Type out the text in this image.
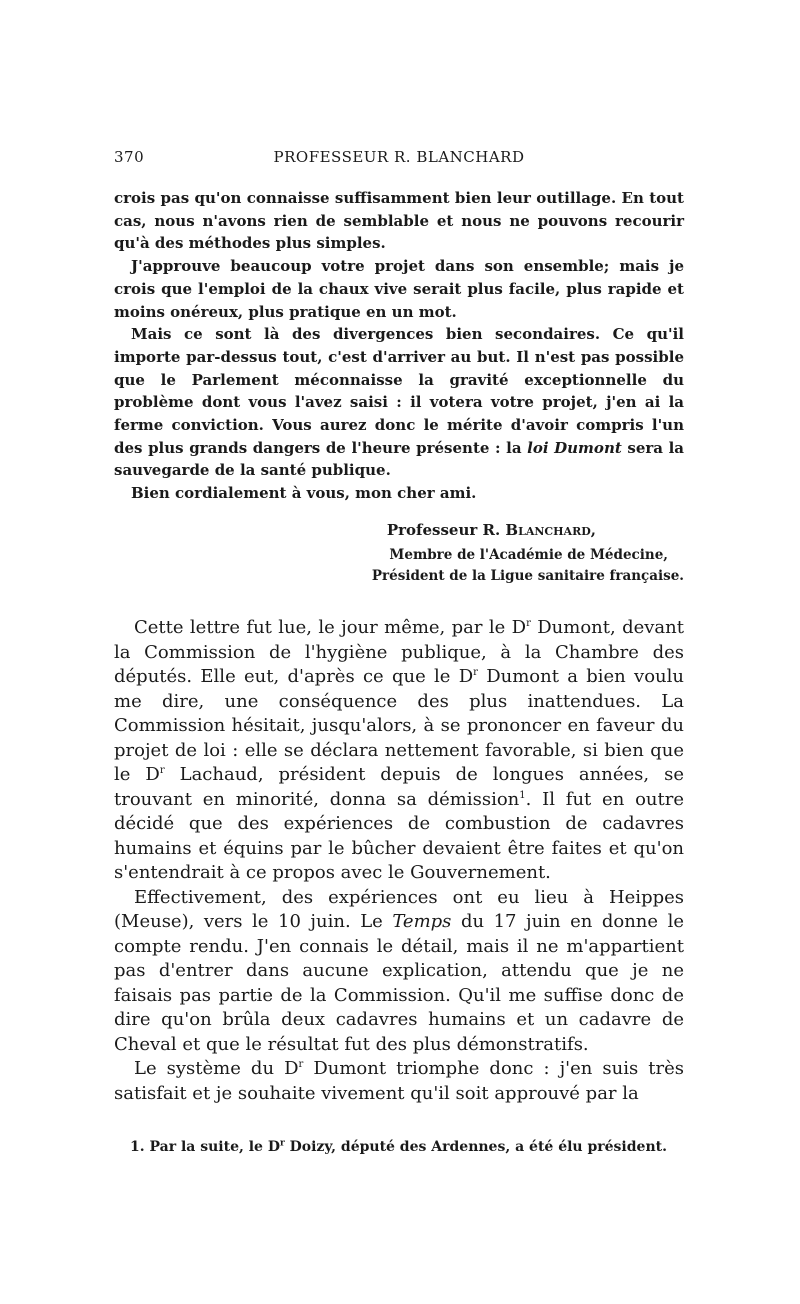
370	PROFESSEUR R. BLANCHARD

crois pas qu'on connaisse suffisamment bien leur outillage. En tout cas, nous n'avons rien de semblable et nous ne pouvons recourir qu'à des méthodes plus simples.

J'approuve beaucoup votre projet dans son ensemble; mais je crois que l'emploi de la chaux vive serait plus facile, plus rapide et moins onéreux, plus pratique en un mot.

Mais ce sont là des divergences bien secondaires. Ce qu'il importe par-dessus tout, c'est d'arriver au but. Il n'est pas possible que le Parlement méconnaisse la gravité exceptionnelle du problème dont vous l'avez saisi : il votera votre projet, j'en ai la ferme conviction. Vous aurez donc le mérite d'avoir compris l'un des plus grands dangers de l'heure présente : la loi Dumont sera la sauvegarde de la santé publique.

Bien cordialement à vous, mon cher ami.

Professeur R. Blanchard,
Membre de l'Académie de Médecine,
Président de la Ligue sanitaire française.

Cette lettre fut lue, le jour même, par le $D^r$ Dumont, devant la Commission de l'hygiène publique, à la Chambre des députés. Elle eut, d'après ce que le $D^r$ Dumont a bien voulu me dire, une conséquence des plus inattendues. La Commission hésitait, jusqu'alors, à se prononcer en faveur du projet de loi : elle se déclara nettement favorable, si bien que le $D^r$ Lachaud, président depuis de longues années, se trouvant en minorité, donna sa démission$^1$. Il fut en outre décidé que des expériences de combustion de cadavres humains et équins par le bûcher devaient être faites et qu'on s'entendrait à ce propos avec le Gouvernement.

Effectivement, des expériences ont eu lieu à Heippes (Meuse), vers le 10 juin. Le Temps du 17 juin en donne le compte rendu. J'en connais le détail, mais il ne m'appartient pas d'entrer dans aucune explication, attendu que je ne faisais pas partie de la Commission. Qu'il me suffise donc de dire qu'on brûla deux cadavres humains et un cadavre de Cheval et que le résultat fut des plus démonstratifs.

Le système du $D^r$ Dumont triomphe donc : j'en suis très satisfait et je souhaite vivement qu'il soit approuvé par la

1. Par la suite, le $D^r$ Doizy, député des Ardennes, a été élu président.
